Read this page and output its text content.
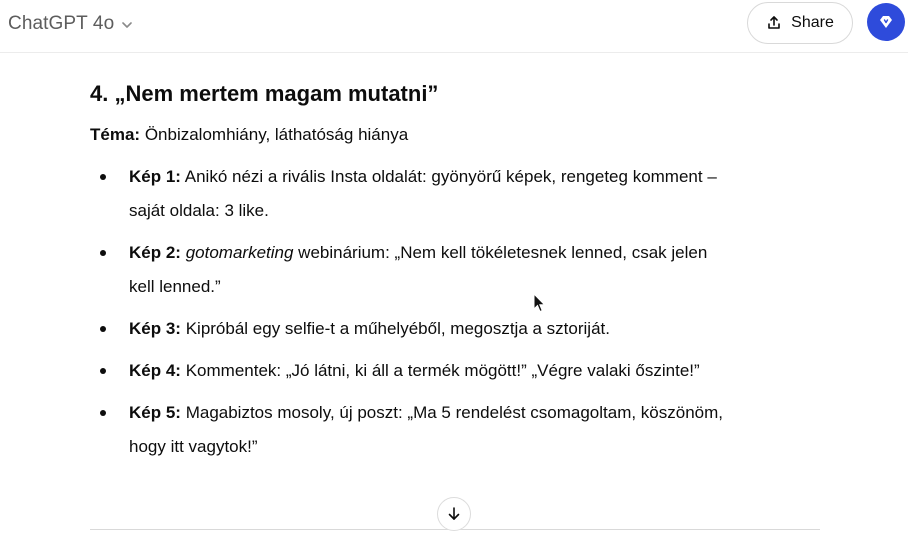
ChatGPT 4o	Share
4. „Nem mertem magam mutatni”
Téma: Önbizalomhiány, láthatóság hiánya
Kép 1: Anikó nézi a rivális Insta oldalát: gyönyörű képek, rengeteg komment –
saját oldala: 3 like.
Kép 2: gotomarketing webinárium: „Nem kell tökéletesnek lenned, csak jelen
kell lenned.”
Kép 3: Kipróbál egy selfie-t a műhelyéből, megosztja a sztoriját.
Kép 4: Kommentek: „Jó látni, ki áll a termék mögött!” „Végre valaki őszinte!”
Kép 5: Magabiztos mosoly, új poszt: „Ma 5 rendelést csomagoltam, köszönöm,
hogy itt vagytok!”
